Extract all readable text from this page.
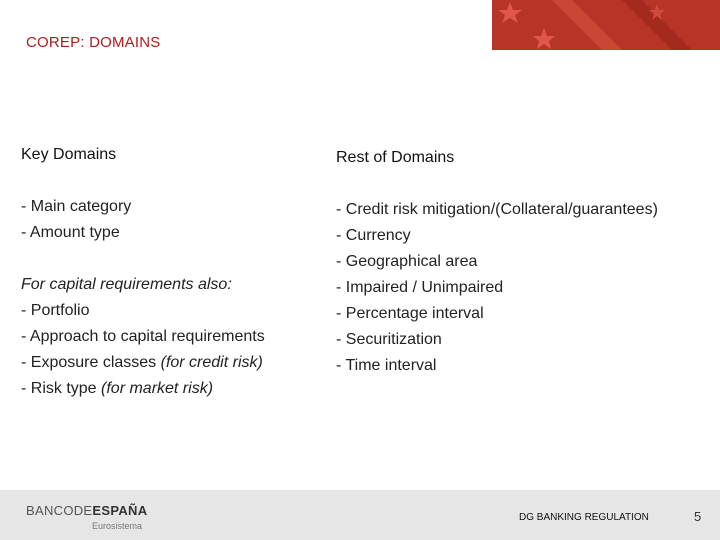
COREP: DOMAINS
Key Domains
- Main category
- Amount type
For capital requirements also:
- Portfolio
- Approach to capital requirements
- Exposure classes (for credit risk)
- Risk type (for market risk)
Rest of Domains
- Credit risk mitigation/(Collateral/guarantees)
- Currency
- Geographical area
- Impaired / Unimpaired
- Percentage interval
- Securitization
- Time interval
BANCODEESPAÑA
Eurosistema
DG BANKING REGULATION	5
